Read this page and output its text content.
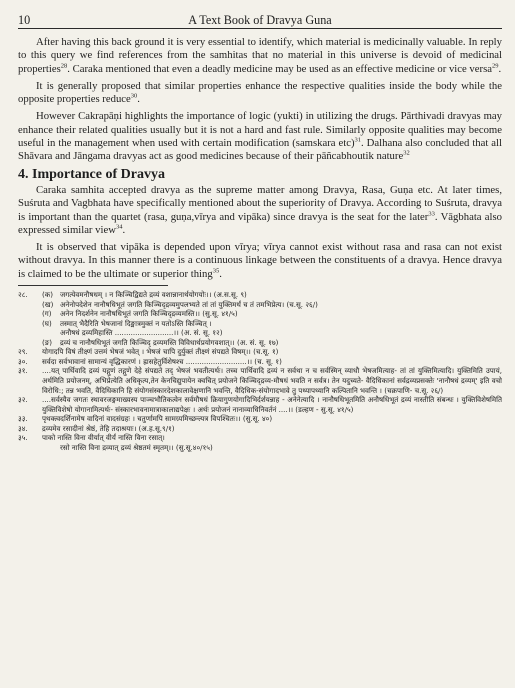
10	A Text Book of Dravya Guna

After having this back ground it is very essential to identify, which material is medicinally valuable. In reply to this query we find references from the samhitas that no material in this universe is devoid of medicinal properties$^{28}$. Caraka mentioned that even a deadly medicine may be used as an effective medicine or vice versa$^{29}$.

It is generally proposed that similar properties enhance the respective qualities inside the body while the opposite properties reduce$^{30}$.

However Cakrapāṇi highlights the importance of logic (yukti) in utilizing the drugs. Pārthivadi dravyas may enhance their related qualities usually but it is not a hard and fast rule. Similarly opposite qualities may become useful in the management when used with certain modification (samskara etc)$^{31}$. Dalhana also concluded that all Shāvara and Jāngama dravyas act as good medicines because of their pāñcabhoutik nature$^{32}$

4. Importance of Dravya

Caraka samhita accepted dravya as the supreme matter among Dravya, Rasa, Guṇa etc. At later times, Suśruta and Vagbhata have specifically mentioned about the superiority of Dravya. According to Suśruta, dravya is important than the quartet (rasa, guṇa,vīrya and vipāka) since dravya is the seat for the later$^{33}$. Vāgbhata also expressed similar view$^{34}$.

It is observed that vipāka is depended upon vīrya; vīrya cannot exist without rasa and rasa can not exist without dravya. In this manner there is a continuous linkage between the constituents of a dravya. Hence dravya is claimed to be the ultimate or superior thing$^{35}$.

२८.	(क) जगत्येवमनौषधम् । न किञ्चिद्विद्यते द्रव्यं वशान्नानार्थयोगयोः।। (अ.स.सू. ९)
(ख) अनेनोपदेशेन नानौषधिभूतं जगति किञ्चिद्द्रव्यमुपलभ्यते तां तां युक्तिमर्थं च तं तमभिप्रेत्य। (च.सू. २६/)
(ग)	अनेन निदर्शनेन नानौषधिभूतं जगति किञ्चिद्द्रव्यमस्ति।। (सु.सू. ४१/५)
(घ)	तस्मात् भैदैरिति भेषजानां दिङ्मात्रमुक्तं न यतोऽस्ति किञ्चित् ।
अनौषधं द्रव्यमिहास्ति ..........................।। (अ. सं. सू. १२)
(ङ)	द्रव्यं च नानौषधिभूतं जगति किञ्चिद् द्रव्यमस्ति विविधार्थप्रयोगवशात्।। (अ. सं. सू. १७)
२९.	योगादपि विषं तीक्ष्णं उत्तमं भेषजं भवेत् । भेषजं चापि दुर्युक्तं तीक्ष्णं संपद्यते विषम्।। (च.सू. १)
३०.	सर्वदा सर्वभावानां सामान्यं वृद्धिकारणं । ह्रासहेतुर्विशेषश्च ...........................।। (च. सू. १)
३१.	....यत् पार्थिवादि द्रव्यं यद्गुणं तद्गुणे देहे संपद्यते तद् भेषजं भवतीत्यर्थः। तच्च पार्थिवादि द्रव्यं न सर्वथा न च सर्वस्मिन् व्याधौ भेषजमित्याह- तां तां युक्तिमित्यादि। युक्तिमिति उपायं, अर्थमिति प्रयोजनम्, अभिप्रेत्येति अधिकृत्य,तेन केनचिद्युपायेन क्वचित् प्रयोजने किञ्चिद्द्रव्य-मौषधं भवति न सर्वत्र। तेन यदुच्यते- वैदिधिकानां सर्वद्रव्यप्रसक्तेः 'नानौषधं द्रव्यम्' इति वचो विरोधि:; तन्न भवति, वैदिधिकानि हि संयोगसंस्कारदेशकालावेक्षणानि भवन्ति, वैदिधिक-संयोगादभावे तु पथ्यापथ्यानि कल्पितानि भवन्ति । (चक्रपाणि- च.सू. २६/)
३२.	....सर्वस्यैव जगतः स्थावरजङ्गमाख्यस्य पाञ्चभौतिकत्वेन सर्वमौषधं क्रियागुणयोगादिभिर्दर्शयन्नाह - अनेनेत्यादि । नानौषधिभूतमिति अनौषधिभूतं द्रव्यं नास्तीति संबन्धः । युक्तिविशेषमिति युक्तिविशेषो योगानामित्यर्थः- संस्कारभावनामात्राकालाद्यपेक्षः । अर्थः प्रयोजनं नानाव्याधिनिवर्तनं ....।। (डल्हण - सु.सू. ४१/५)
३३.	पृथक्त्वदर्शिनामेष वादिनां वादसंग्रहः । चतुर्णामपि सामग्र्यमिच्छन्त्यत्र विपश्चितः।। (सु.सू. ४०)
३४.	द्रव्यमेव रसादीनां श्रेष्ठं, तेहि तदाश्रयाः। (अ.ह.सू.९/१)
३५.	पाको नास्ति विना वीर्यात् वीर्यं नास्ति विना रसात्।
रसो नास्ति विना द्रव्यात् द्रव्यं श्रेष्ठतमं स्मृतम्।। (सु.सू.४०/१५)
